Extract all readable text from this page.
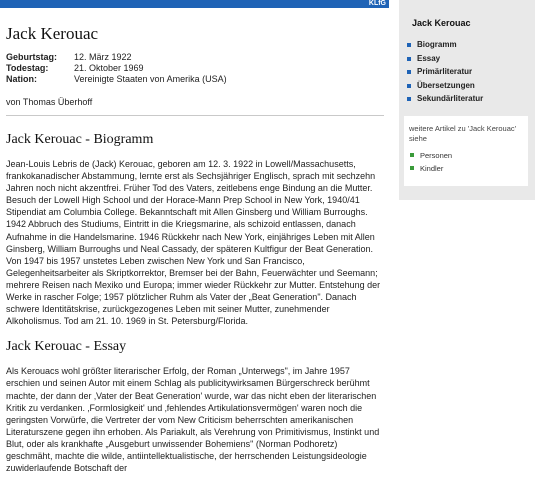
KLfG
Jack Kerouac
Geburtstag:	12. März 1922
Todestag:	21. Oktober 1969
Nation:	Vereinigte Staaten von Amerika (USA)
von Thomas Überhoff
Jack Kerouac - Biogramm

Jean-Louis Lebris de (Jack) Kerouac, geboren am 12. 3. 1922 in Lowell/Massachusetts, frankokanadischer Abstammung, lernte erst als Sechsjähriger Englisch, sprach mit sechzehn Jahren noch nicht akzentfrei. Früher Tod des Vaters, zeitlebens enge Bindung an die Mutter. Besuch der Lowell High School und der Horace-Mann Prep School in New York, 1940/41 Stipendiat am Columbia College. Bekanntschaft mit Allen Ginsberg und William Burroughs. 1942 Abbruch des Studiums, Eintritt in die Kriegsmarine, als schizoid entlassen, danach Aufnahme in die Handelsmarine. 1946 Rückkehr nach New York, einjähriges Leben mit Allen Ginsberg, William Burroughs und Neal Cassady, der späteren Kultfigur der Beat Generation. Von 1947 bis 1957 unstetes Leben zwischen New York und San Francisco, Gelegenheitsarbeiter als Skriptkorrektor, Bremser bei der Bahn, Feuerwächter und Seemann; mehrere Reisen nach Mexiko und Europa; immer wieder Rückkehr zur Mutter. Entstehung der Werke in rascher Folge; 1957 plötzlicher Ruhm als Vater der „Beat Generation". Danach schwere Identitätskrise, zurückgezogenes Leben mit seiner Mutter, zunehmender Alkoholismus. Tod am 21. 10. 1969 in St. Petersburg/Florida.

Jack Kerouac - Essay

Als Kerouacs wohl größter literarischer Erfolg, der Roman „Unterwegs", im Jahre 1957 erschien und seinen Autor mit einem Schlag als publicitywirksamen Bürgerschreck berühmt machte, der dann der ‚Vater der Beat Generation' wurde, war das nicht eben der literarischen Kritik zu verdanken. ‚Formlosigkeit' und ‚fehlendes Artikulationsvermögen' waren noch die geringsten Vorwürfe, die Vertreter der vom New Criticism beherrschten amerikanischen Literaturszene gegen ihn erhoben. Als Pariakult, als Verehrung von Primitivismus, Instinkt und Blut, oder als krankhafte „Ausgeburt unwissender Bohemiens" (Norman Podhoretz) geschmäht, machte die wilde, antiintellektualistische, der herrschenden Leistungsideologie zuwiderlaufende Botschaft der

Jack Kerouac
Biogramm
Essay
Primärliteratur
Übersetzungen
Sekundärliteratur
weitere Artikel zu 'Jack Kerouac' siehe
Personen
Kindler
